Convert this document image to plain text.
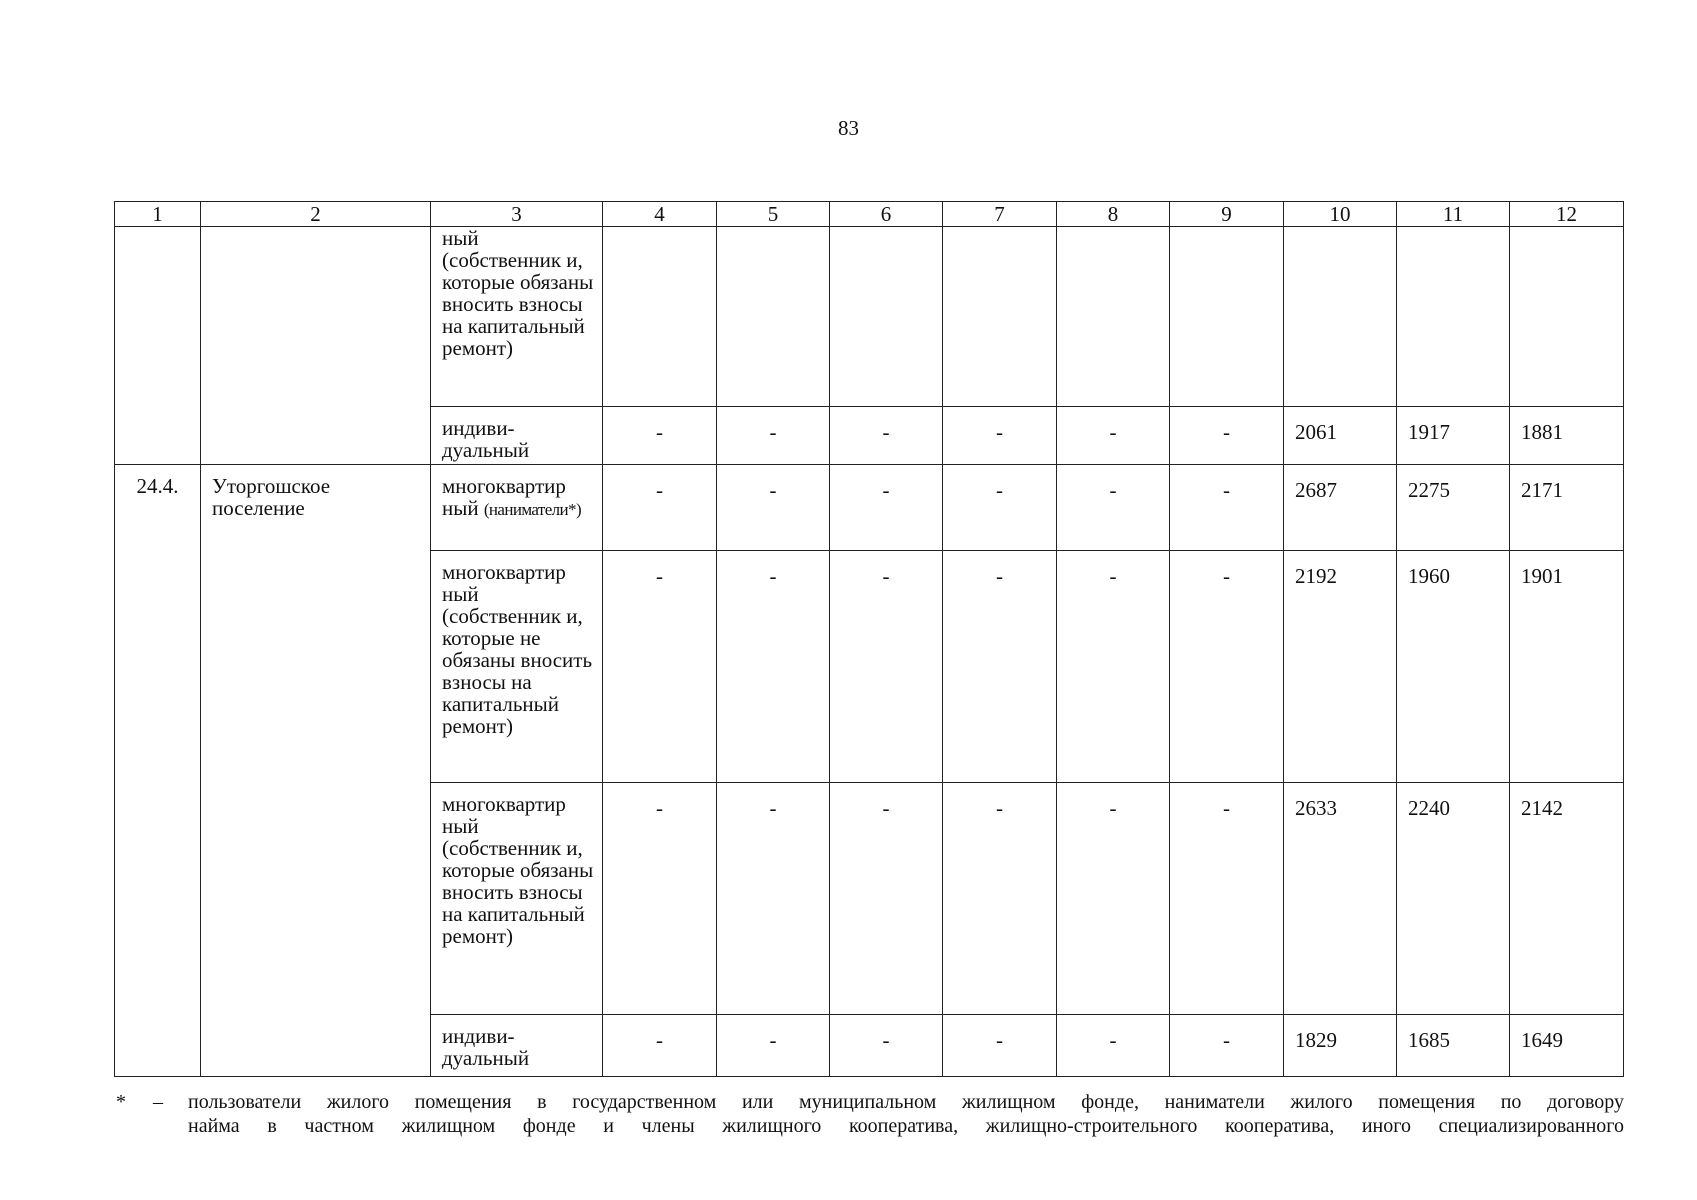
83
1	2	3	4	5	6	7	8	9	10	11	12
		ный (собственник и, которые обязаны вносить взносы на капитальный ремонт)									
		индиви-дуальный	-	-	-	-	-	-	2061	1917	1881
24.4.	Уторгошское поселение	многоквартир ный (наниматели*)	-	-	-	-	-	-	2687	2275	2171
		многоквартир ный (собственник и, которые не обязаны вносить взносы на капитальный ремонт)	-	-	-	-	-	-	2192	1960	1901
		многоквартир ный (собственник и, которые обязаны вносить взносы на капитальный ремонт)	-	-	-	-	-	-	2633	2240	2142
		индиви-дуальный	-	-	-	-	-	-	1829	1685	1649
* – пользователи жилого помещения в государственном или муниципальном жилищном фонде, наниматели жилого помещения по договору
найма в частном жилищном фонде и члены жилищного кооператива, жилищно-строительного кооператива, иного специализированного
